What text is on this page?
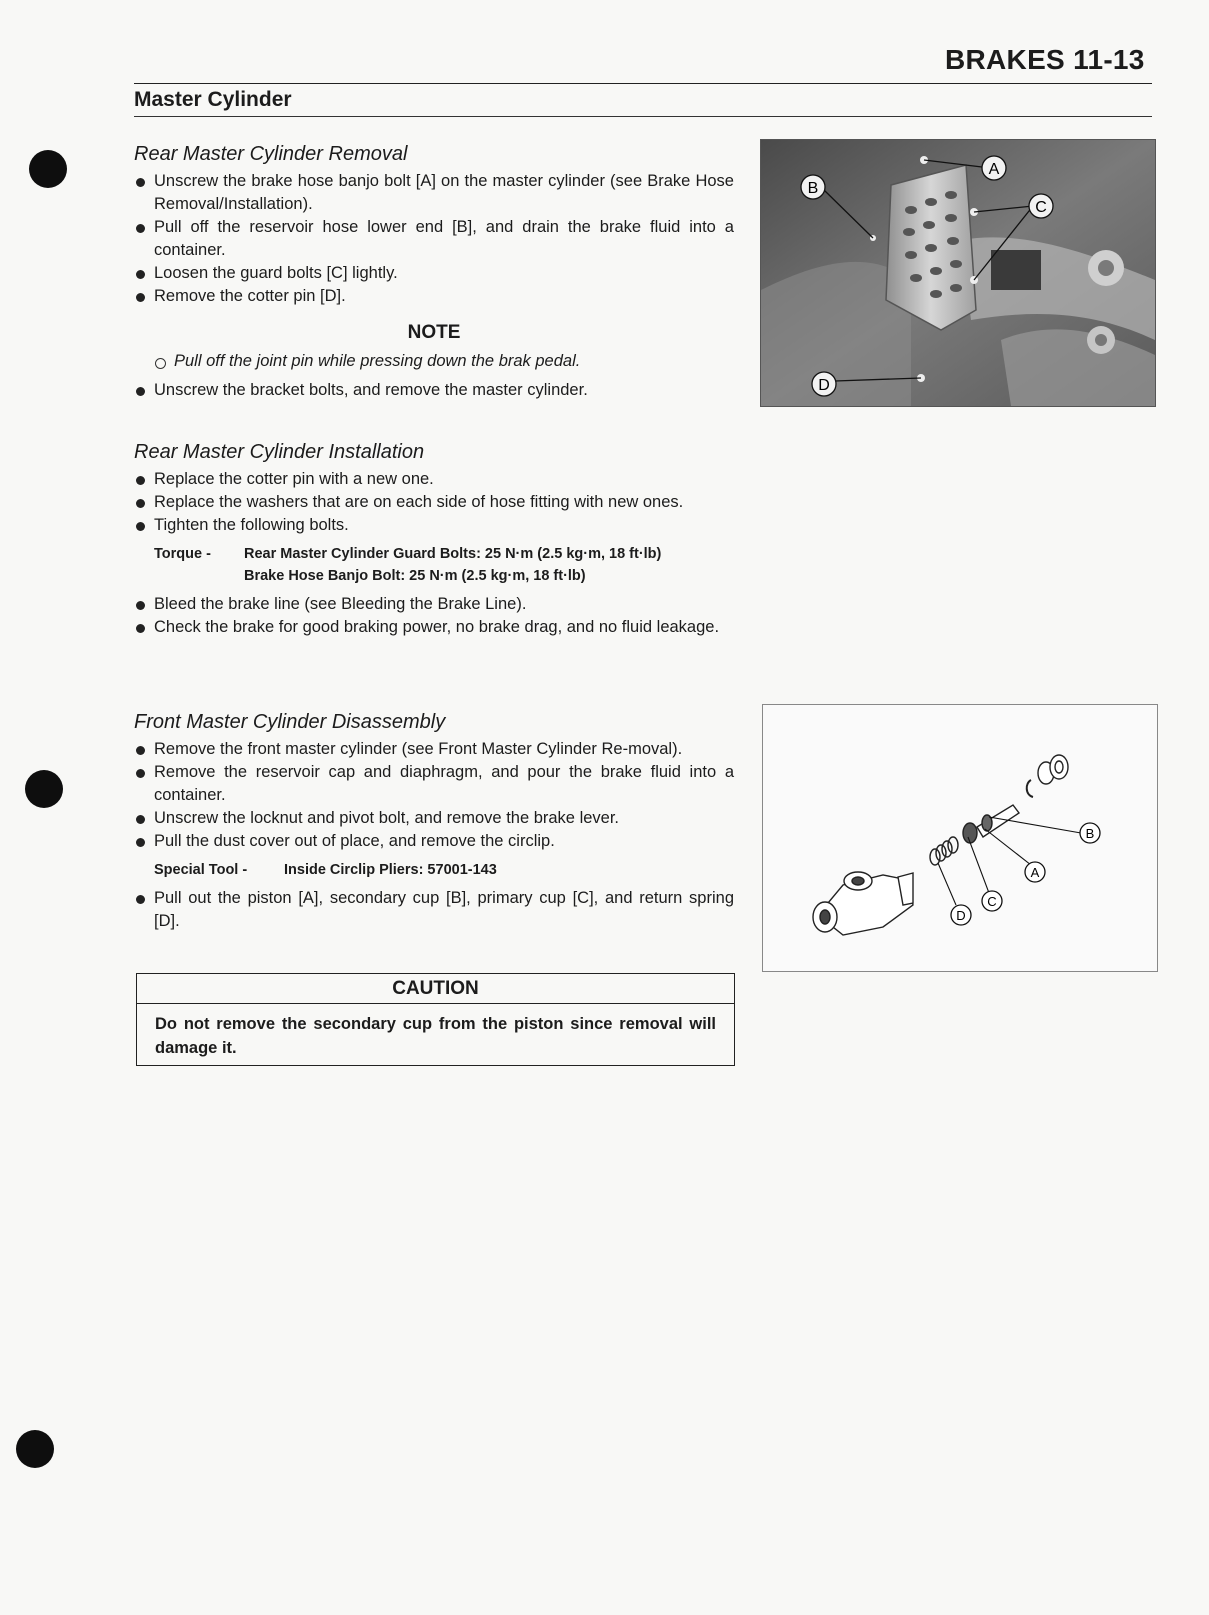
BRAKES 11-13
Master Cylinder
Rear Master Cylinder Removal
Unscrew the brake hose banjo bolt [A] on the master cylinder (see Brake Hose Removal/Installation).
Pull off the reservoir hose lower end [B], and drain the brake fluid into a container.
Loosen the guard bolts [C] lightly.
Remove the cotter pin [D].
NOTE
Pull off the joint pin while pressing down the brak pedal.
Unscrew the bracket bolts, and remove the master cylinder.
Rear Master Cylinder Installation
Replace the cotter pin with a new one.
Replace the washers that are on each side of hose fitting with new ones.
Tighten the following bolts.
Torque -	Rear Master Cylinder Guard Bolts: 25 N·m (2.5 kg·m, 18 ft·lb)
Brake Hose Banjo Bolt: 25 N·m (2.5 kg·m, 18 ft·lb)
Bleed the brake line (see Bleeding the Brake Line).
Check the brake for good braking power, no brake drag, and no fluid leakage.
Front Master Cylinder Disassembly
Remove the front master cylinder (see Front Master Cylinder Re-moval).
Remove the reservoir cap and diaphragm, and pour the brake fluid into a container.
Unscrew the locknut and pivot bolt, and remove the brake lever.
Pull the dust cover out of place, and remove the circlip.
Special Tool -	Inside Circlip Pliers: 57001-143
Pull out the piston [A], secondary cup [B], primary cup [C], and return spring [D].
CAUTION
Do not remove the secondary cup from the piston since removal will damage it.
A
B
C
D
B
A
C
D
